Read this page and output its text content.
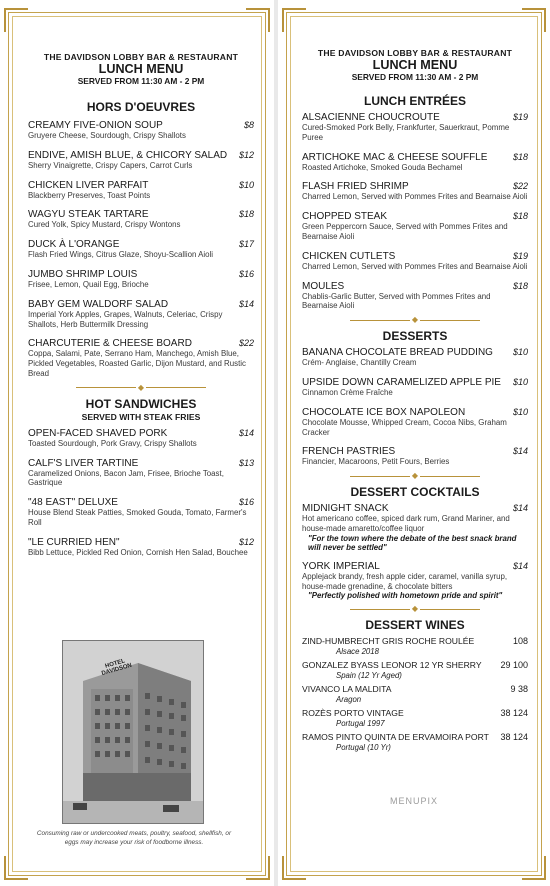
THE DAVIDSON LOBBY BAR & RESTAURANT
LUNCH MENU
SERVED FROM 11:30 AM - 2 PM
HORS D'OEUVRES
CREAMY FIVE-ONION SOUP	$8
Gruyere Cheese, Sourdough, Crispy Shallots
ENDIVE, AMISH BLUE, & CHICORY SALAD	$12
Sherry Vinaigrette, Crispy Capers, Carrot Curls
CHICKEN LIVER PARFAIT	$10
Blackberry Preserves, Toast Points
WAGYU STEAK TARTARE	$18
Cured Yolk, Spicy Mustard, Crispy Wontons
DUCK À L'ORANGE	$17
Flash Fried Wings, Citrus Glaze, Shoyu-Scallion Aioli
JUMBO SHRIMP LOUIS	$16
Frisee, Lemon, Quail Egg, Brioche
BABY GEM WALDORF SALAD	$14
Imperial York Apples, Grapes, Walnuts, Celeriac, Crispy Shallots, Herb Buttermilk Dressing
CHARCUTERIE & CHEESE BOARD	$22
Coppa, Salami, Pate, Serrano Ham, Manchego, Amish Blue, Pickled Vegetables, Roasted Garlic, Dijon Mustard, and Rustic Bread
◆
HOT SANDWICHES
SERVED WITH STEAK FRIES
OPEN-FACED SHAVED PORK	$14
Toasted Sourdough, Pork Gravy, Crispy Shallots
CALF'S LIVER TARTINE	$13
Caramelized Onions, Bacon Jam, Frisee, Brioche Toast, Gastrique
"48 EAST" DELUXE	$16
House Blend Steak Patties, Smoked Gouda, Tomato, Farmer's Roll
"LE CURRIED HEN"	$12
Bibb Lettuce, Pickled Red Onion, Cornish Hen Salad, Bouchee
HOTEL DAVIDSON
Consuming raw or undercooked meats, poultry, seafood, shellfish, or eggs may increase your risk of foodborne illness.
THE DAVIDSON LOBBY BAR & RESTAURANT
LUNCH MENU
SERVED FROM 11:30 AM - 2 PM
LUNCH ENTRÉES
ALSACIENNE CHOUCROUTE	$19
Cured-Smoked Pork Belly, Frankfurter, Sauerkraut, Pomme Puree
ARTICHOKE MAC & CHEESE SOUFFLE	$18
Roasted Artichoke, Smoked Gouda Bechamel
FLASH FRIED SHRIMP	$22
Charred Lemon, Served with Pommes Frites and Bearnaise Aioli
CHOPPED STEAK	$18
Green Peppercorn Sauce, Served with Pommes Frites and Bearnaise Aioli
CHICKEN CUTLETS	$19
Charred Lemon, Served with Pommes Frites and Bearnaise Aioli
MOULES	$18
Chablis-Garlic Butter, Served with Pommes Frites and Bearnaise Aioli
◆
DESSERTS
BANANA CHOCOLATE BREAD PUDDING	$10
Crém- Anglaise, Chantilly Cream
UPSIDE DOWN CARAMELIZED APPLE PIE	$10
Cinnamon Crème Fraîche
CHOCOLATE ICE BOX NAPOLEON	$10
Chocolate Mousse, Whipped Cream, Cocoa Nibs, Graham Cracker
FRENCH PASTRIES	$14
Financier, Macaroons, Petit Fours, Berries
◆
DESSERT COCKTAILS
MIDNIGHT SNACK	$14
Hot americano coffee, spiced dark rum, Grand Mariner, and house-made amaretto/coffee liquor
"For the town where the debate of the best snack brand will never be settled"
YORK IMPERIAL	$14
Applejack brandy, fresh apple cider, caramel, vanilla syrup, house-made grenadine, & chocolate bitters
"Perfectly polished with hometown pride and spirit"
◆
DESSERT WINES
ZIND-HUMBRECHT GRIS ROCHE ROULÉE	108
Alsace 2018
GONZALEZ BYASS LEONOR 12 YR SHERRY 29 100
Spain (12 Yr Aged)
VIVANCO LA MALDITA	9 38
Aragon
ROZÈS PORTO VINTAGE	38 124
Portugal 1997
RAMOS PINTO QUINTA DE ERVAMOIRA PORT 38 124
Portugal (10 Yr)
MENUPIX
